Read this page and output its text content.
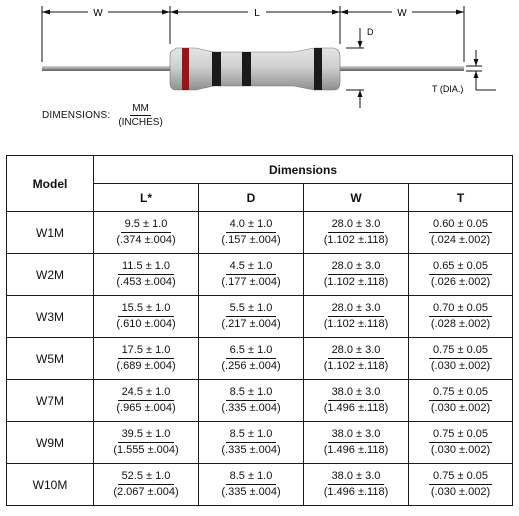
W	L	W
D
T (DIA.)
DIMENSIONS: $\frac{MM}{\text{(INCHES)}}$
Model	Dimensions			
	L*	D	W	T
W1M	$\frac{9.5 \pm 1.0}{(.374 \pm.004)}$	$\frac{4.0 \pm 1.0}{(.157 \pm.004)}$	$\frac{28.0 \pm 3.0}{(1.102 \pm.118)}$	$\frac{0.60 \pm 0.05}{(.024 \pm.002)}$

W2M	$\frac{11.5 \pm 1.0}{(.453 \pm.004)}$	$\frac{4.5 \pm 1.0}{(.177 \pm.004)}$	$\frac{28.0 \pm 3.0}{(1.102 \pm.118)}$	$\frac{0.65 \pm 0.05}{(.026 \pm.002)}$

W3M	$\frac{15.5 \pm 1.0}{(.610 \pm.004)}$	$\frac{5.5 \pm 1.0}{(.217 \pm.004)}$	$\frac{28.0 \pm 3.0}{(1.102 \pm.118)}$	$\frac{0.70 \pm 0.05}{(.028 \pm.002)}$

W5M	$\frac{17.5 \pm 1.0}{(.689 \pm.004)}$	$\frac{6.5 \pm 1.0}{(.256 \pm.004)}$	$\frac{28.0 \pm 3.0}{(1.102 \pm.118)}$	$\frac{0.75 \pm 0.05}{(.030 \pm.002)}$

W7M	$\frac{24.5 \pm 1.0}{(.965 \pm.004)}$	$\frac{8.5 \pm 1.0}{(.335 \pm.004)}$	$\frac{38.0 \pm 3.0}{(1.496 \pm.118)}$	$\frac{0.75 \pm 0.05}{(.030 \pm.002)}$

W9M	$\frac{39.5 \pm 1.0}{(1.555 \pm.004)}$	$\frac{8.5 \pm 1.0}{(.335 \pm.004)}$	$\frac{38.0 \pm 3.0}{(1.496 \pm.118)}$	$\frac{0.75 \pm 0.05}{(.030 \pm.002)}$

W10M	$\frac{52.5 \pm 1.0}{(2.067 \pm.004)}$	$\frac{8.5 \pm 1.0}{(.335 \pm.004)}$	$\frac{38.0 \pm 3.0}{(1.496 \pm.118)}$	$\frac{0.75 \pm 0.05}{(.030 \pm.002)}$
